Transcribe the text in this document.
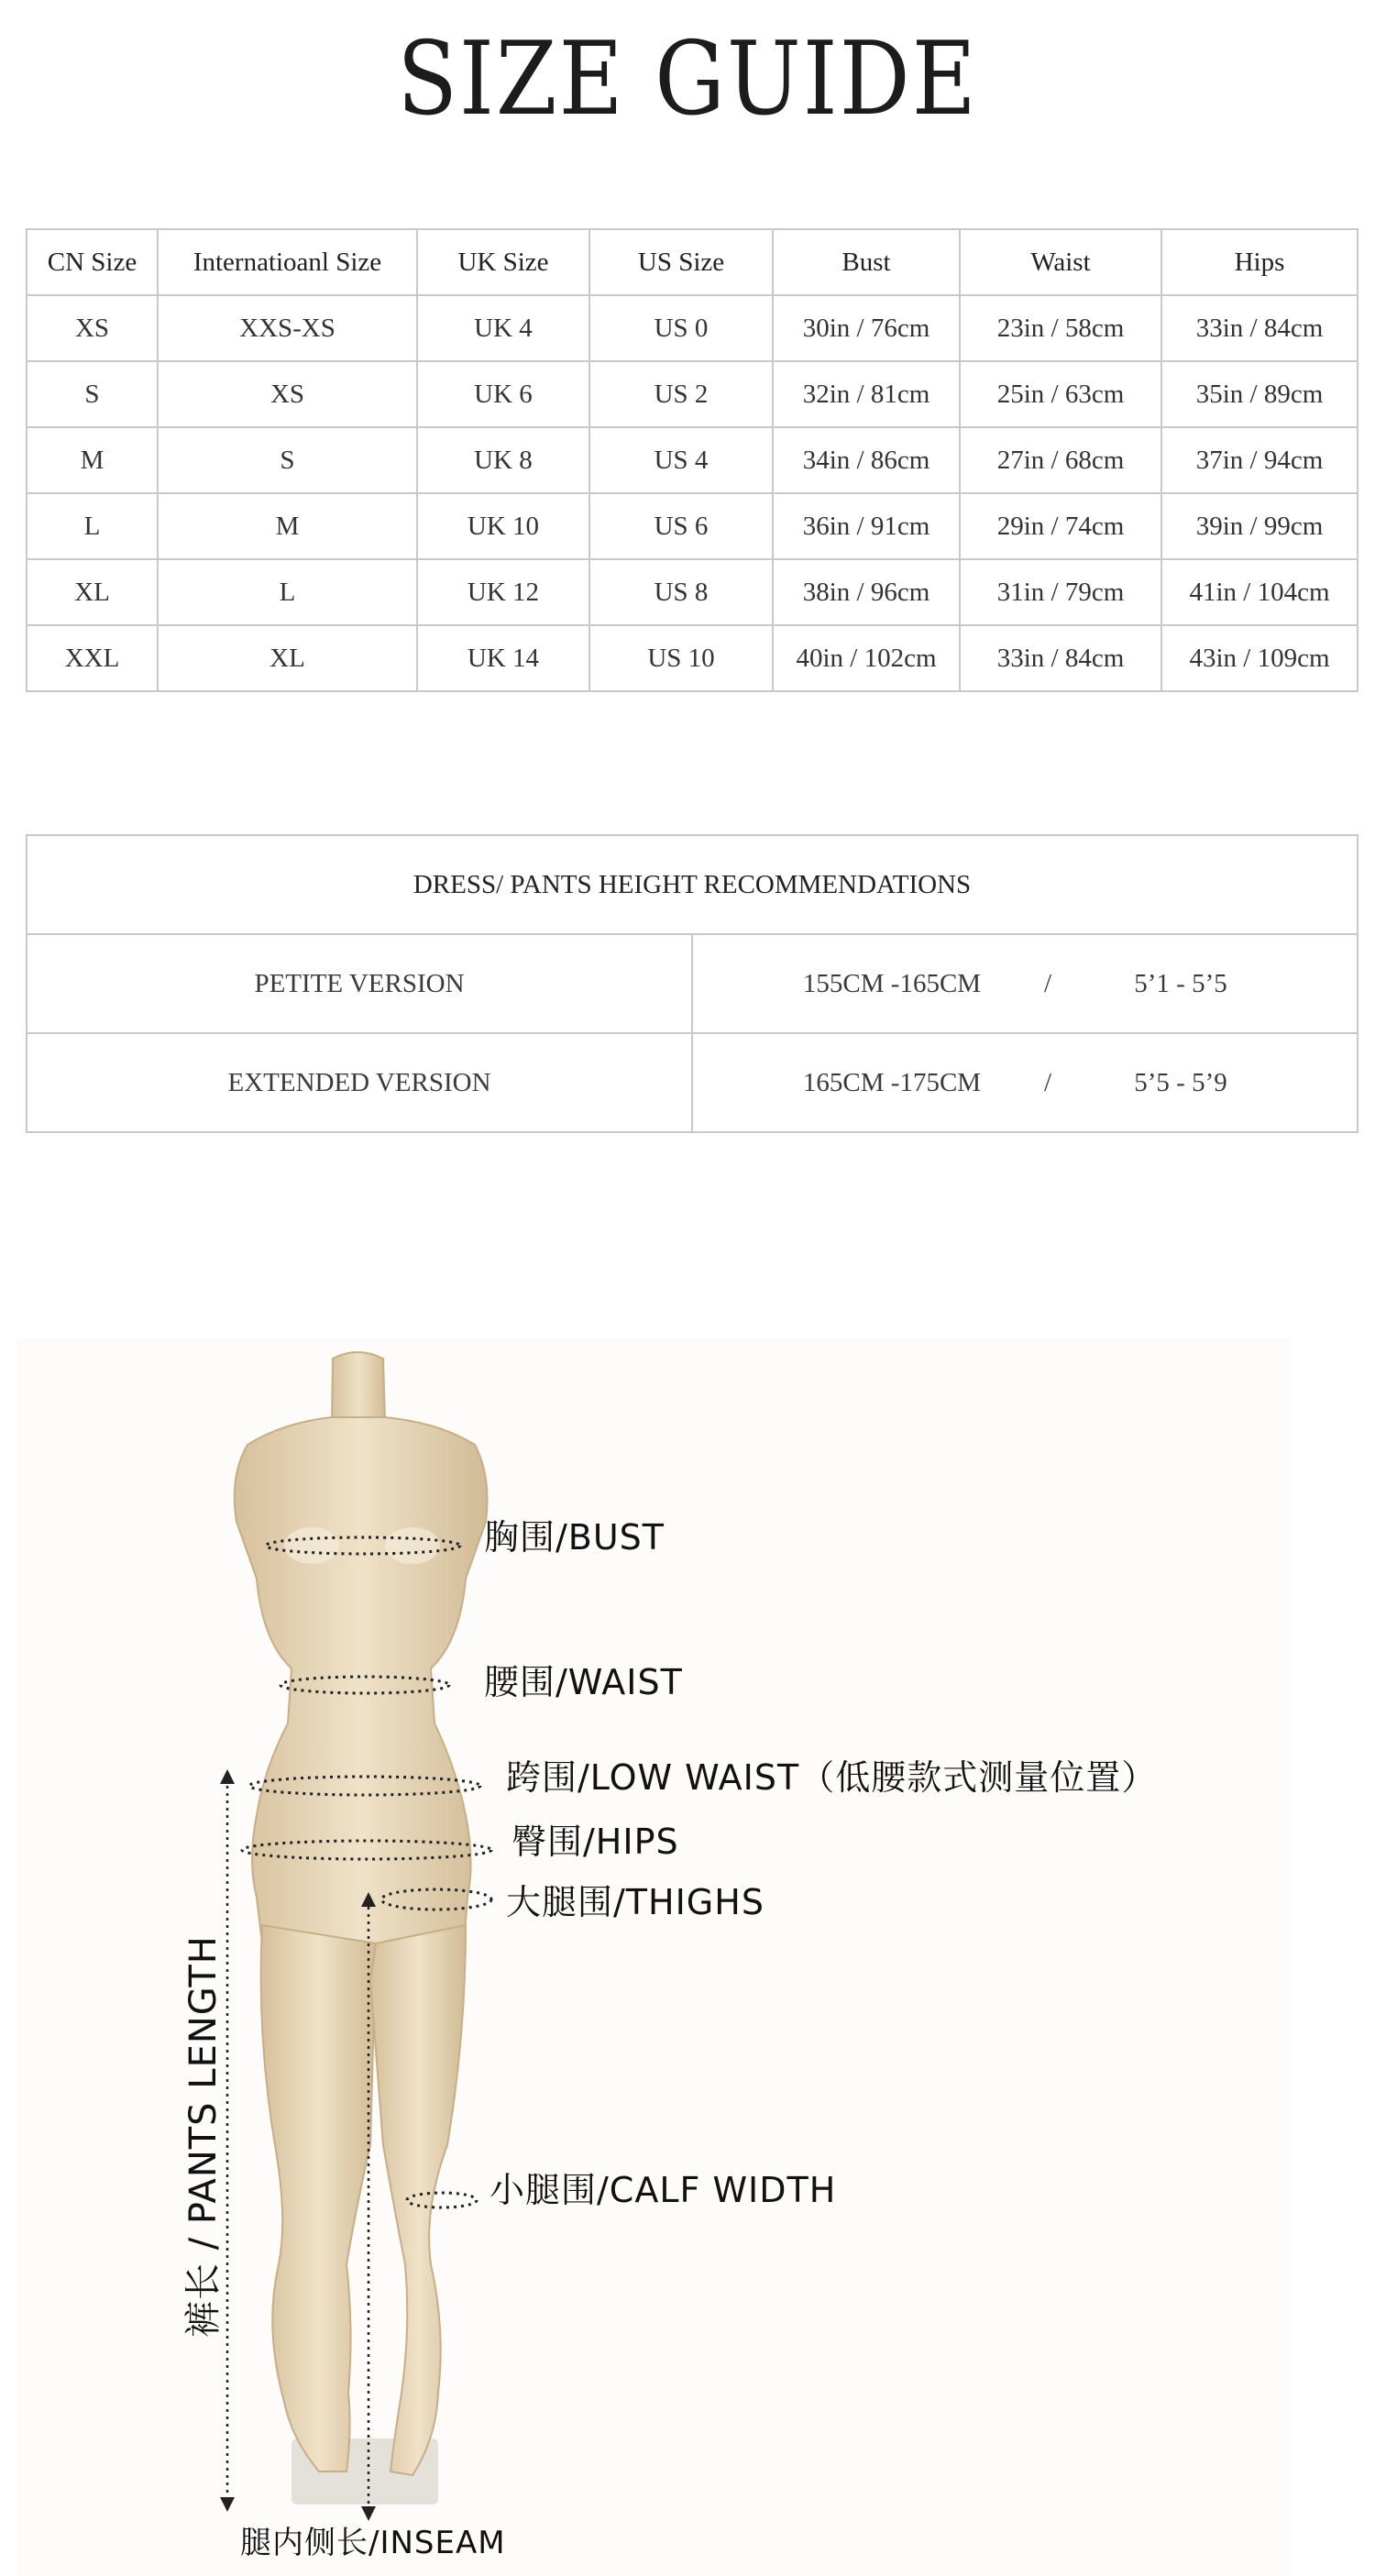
SIZE GUIDE
CN Size	Internatioanl Size	UK Size	US Size	Bust	Waist	Hips
XS	XXS-XS	UK 4	US 0	30in / 76cm	23in / 58cm	33in / 84cm
S	XS	UK 6	US 2	32in / 81cm	25in / 63cm	35in / 89cm
M	S	UK 8	US 4	34in / 86cm	27in / 68cm	37in / 94cm
L	M	UK 10	US 6	36in / 91cm	29in / 74cm	39in / 99cm
XL	L	UK 12	US 8	38in / 96cm	31in / 79cm	41in / 104cm
XXL	XL	UK 14	US 10	40in / 102cm	33in / 84cm	43in / 109cm
DRESS/ PANTS HEIGHT RECOMMENDATIONS	
PETITE VERSION	155CM -165CM / 5’1 - 5’5

EXTENDED VERSION	165CM -175CM / 5’5 - 5’9
胸围/BUST
腰围/WAIST
跨围/LOW WAIST（低腰款式测量位置）
臀围/HIPS
大腿围/THIGHS
小腿围/CALF WIDTH
腿内侧长/INSEAM
裤长 / PANTS LENGTH
